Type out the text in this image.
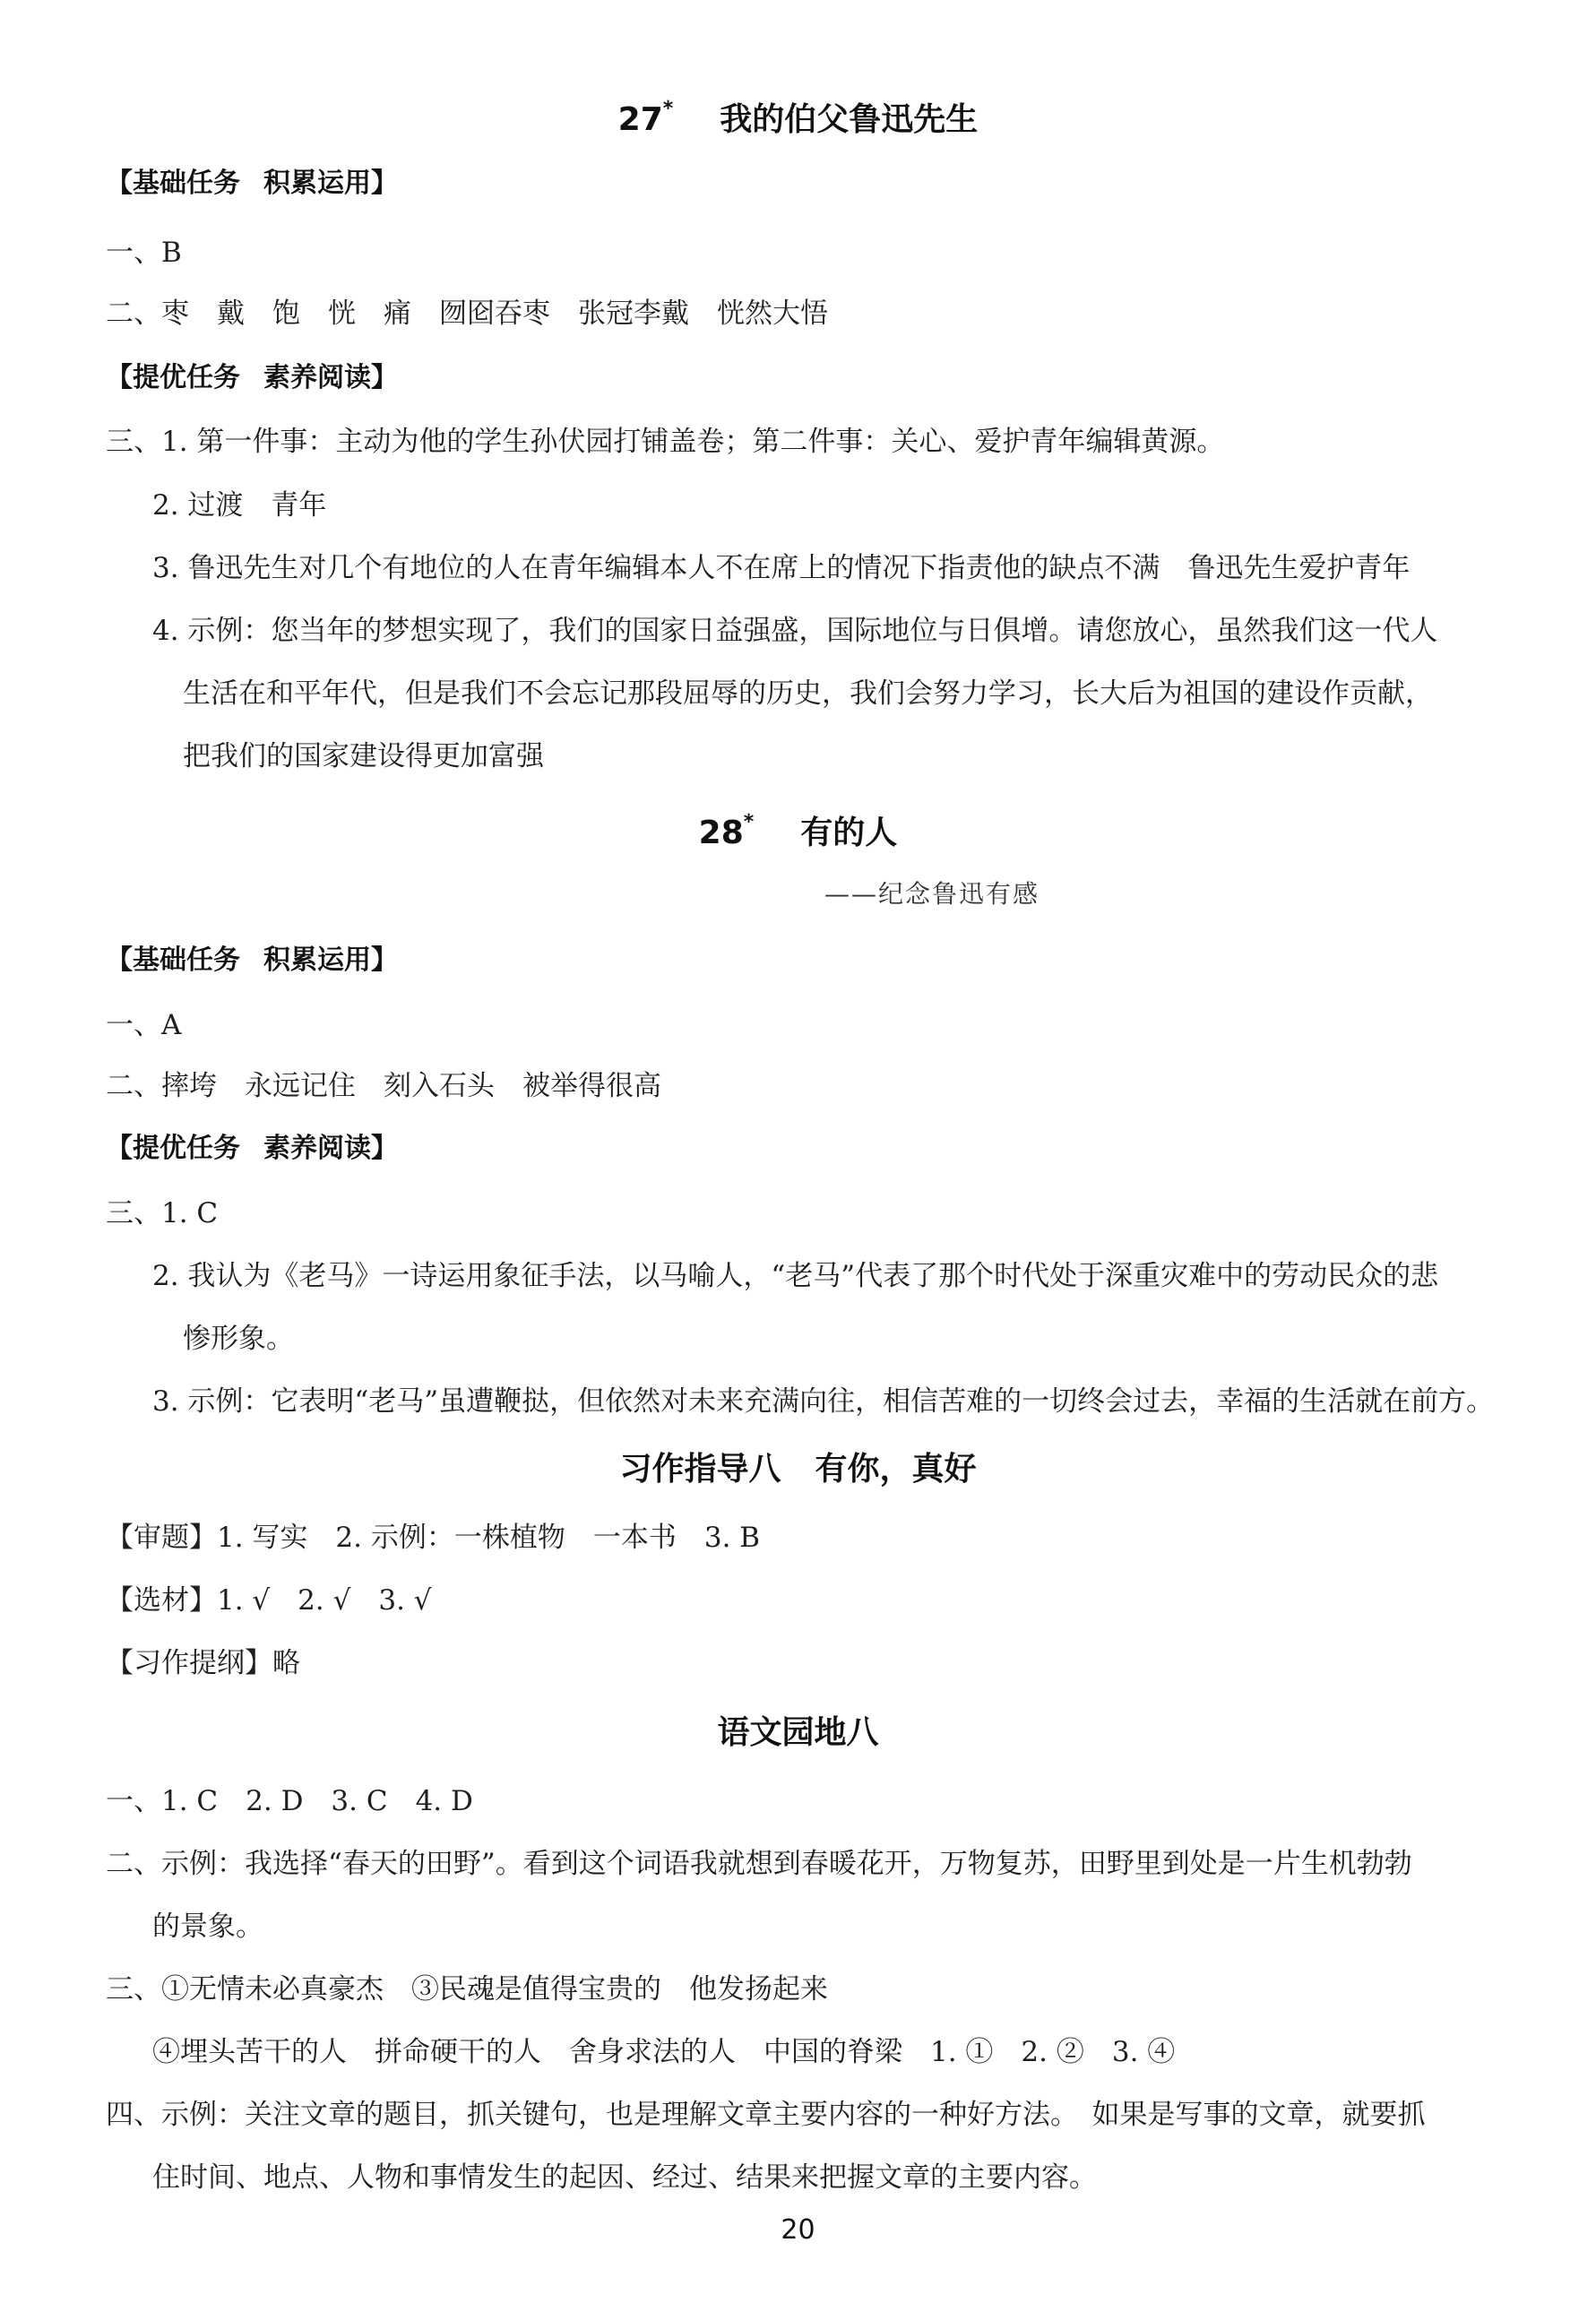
27* 我的伯父鲁迅先生
【基础任务 积累运用】
一、B
二、枣　戴　饱　恍　痛　囫囵吞枣　张冠李戴　恍然大悟
【提优任务 素养阅读】
三、1. 第一件事：主动为他的学生孙伏园打铺盖卷；第二件事：关心、爱护青年编辑黄源。
2. 过渡　青年
3. 鲁迅先生对几个有地位的人在青年编辑本人不在席上的情况下指责他的缺点不满　鲁迅先生爱护青年
4. 示例：您当年的梦想实现了，我们的国家日益强盛，国际地位与日俱增。请您放心，虽然我们这一代人
生活在和平年代，但是我们不会忘记那段屈辱的历史，我们会努力学习，长大后为祖国的建设作贡献，
把我们的国家建设得更加富强
28* 有的人
——纪念鲁迅有感
【基础任务 积累运用】
一、A
二、摔垮　永远记住　刻入石头　被举得很高
【提优任务 素养阅读】
三、1. C
2. 我认为《老马》一诗运用象征手法，以马喻人，“老马”代表了那个时代处于深重灾难中的劳动民众的悲
惨形象。
3. 示例：它表明“老马”虽遭鞭挞，但依然对未来充满向往，相信苦难的一切终会过去，幸福的生活就在前方。
习作指导八 有你，真好
【审题】1. 写实　2. 示例：一株植物　一本书　3. B
【选材】1. √　2. √　3. √
【习作提纲】略
语文园地八
一、1. C　2. D　3. C　4. D
二、示例：我选择“春天的田野”。看到这个词语我就想到春暖花开，万物复苏，田野里到处是一片生机勃勃
的景象。
三、①无情未必真豪杰　③民魂是值得宝贵的　他发扬起来
④埋头苦干的人　拼命硬干的人　舍身求法的人　中国的脊梁　1. ①　2. ②　3. ④
四、示例：关注文章的题目，抓关键句，也是理解文章主要内容的一种好方法。　如果是写事的文章，就要抓
住时间、地点、人物和事情发生的起因、经过、结果来把握文章的主要内容。
20
